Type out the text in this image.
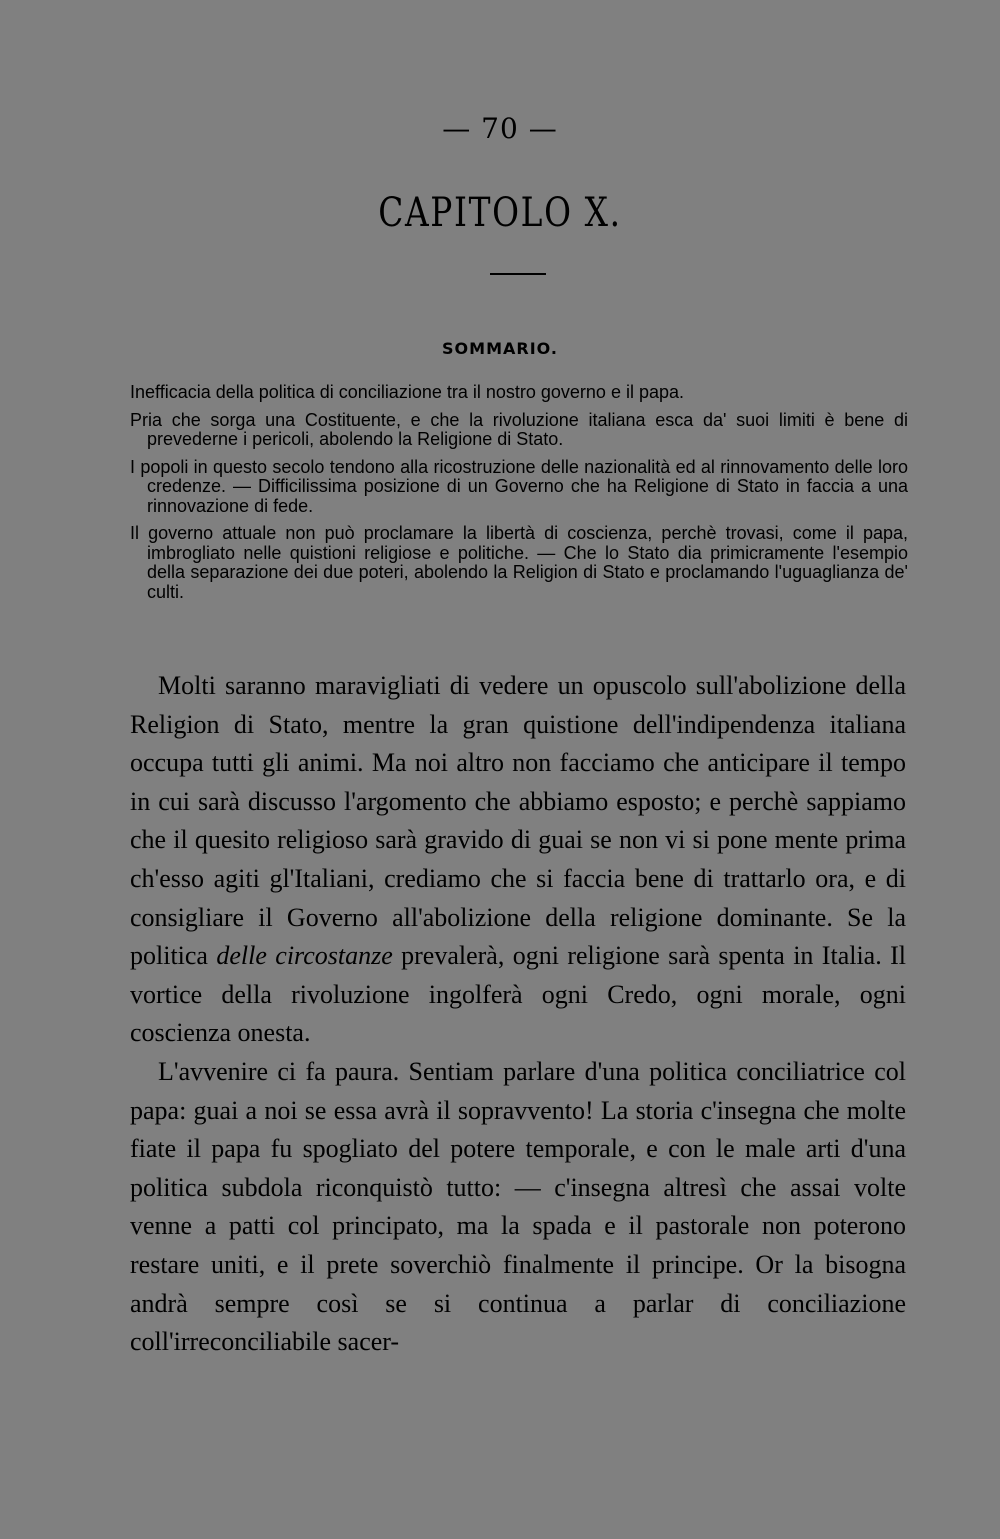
— 70 —
CAPITOLO X.
SOMMARIO.

Inefficacia della politica di conciliazione tra il nostro governo e il papa.

Pria che sorga una Costituente, e che la rivoluzione italiana esca da' suoi limiti è bene di prevederne i pericoli, abolendo la Religione di Stato.

I popoli in questo secolo tendono alla ricostruzione delle nazionalità ed al rinnovamento delle loro credenze. — Difficilissima posizione di un Governo che ha Religione di Stato in faccia a una rinnovazione di fede.

Il governo attuale non può proclamare la libertà di coscienza, perchè trovasi, come il papa, imbrogliato nelle quistioni religiose e politiche. — Che lo Stato dia primicramente l'esempio della separazione dei due poteri, abolendo la Religion di Stato e proclamando l'uguaglianza de' culti.

Molti saranno maravigliati di vedere un opuscolo sull'abolizione della Religion di Stato, mentre la gran quistione dell'indipendenza italiana occupa tutti gli animi. Ma noi altro non facciamo che anticipare il tempo in cui sarà discusso l'argomento che abbiamo esposto; e perchè sappiamo che il quesito religioso sarà gravido di guai se non vi si pone mente prima ch'esso agiti gl'Italiani, crediamo che si faccia bene di trattarlo ora, e di consigliare il Governo all'abolizione della religione dominante. Se la politica delle circostanze prevalerà, ogni religione sarà spenta in Italia. Il vortice della rivoluzione ingolferà ogni Credo, ogni morale, ogni coscienza onesta.

L'avvenire ci fa paura. Sentiam parlare d'una politica conciliatrice col papa: guai a noi se essa avrà il sopravvento! La storia c'insegna che molte fiate il papa fu spogliato del potere temporale, e con le male arti d'una politica subdola riconquistò tutto: — c'insegna altresì che assai volte venne a patti col principato, ma la spada e il pastorale non poterono restare uniti, e il prete soverchiò finalmente il principe. Or la bisogna andrà sempre così se si continua a parlar di conciliazione coll'irreconciliabile sacer-
